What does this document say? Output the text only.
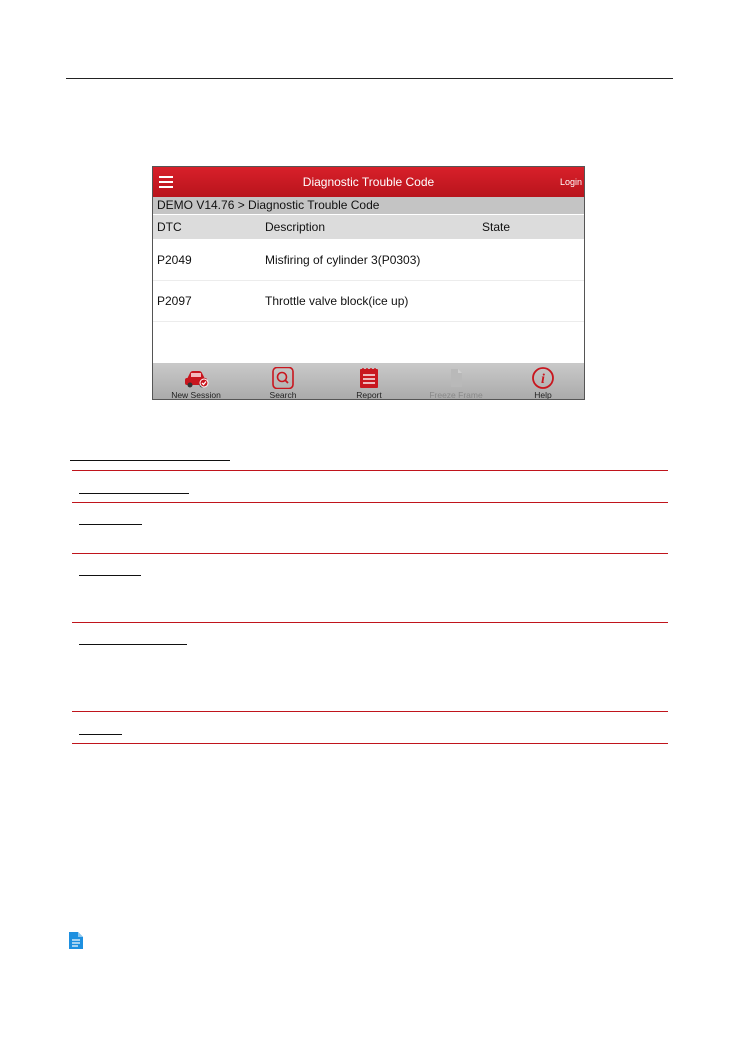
Diagnostic Trouble Code	Login
DEMO V14.76 > Diagnostic Trouble Code
DTC	Description	State
P2049	Misfiring of cylinder 3(P0303)
P2097	Throttle valve block(ice up)
New Session	Search	Report	Freeze Frame
i
Help
